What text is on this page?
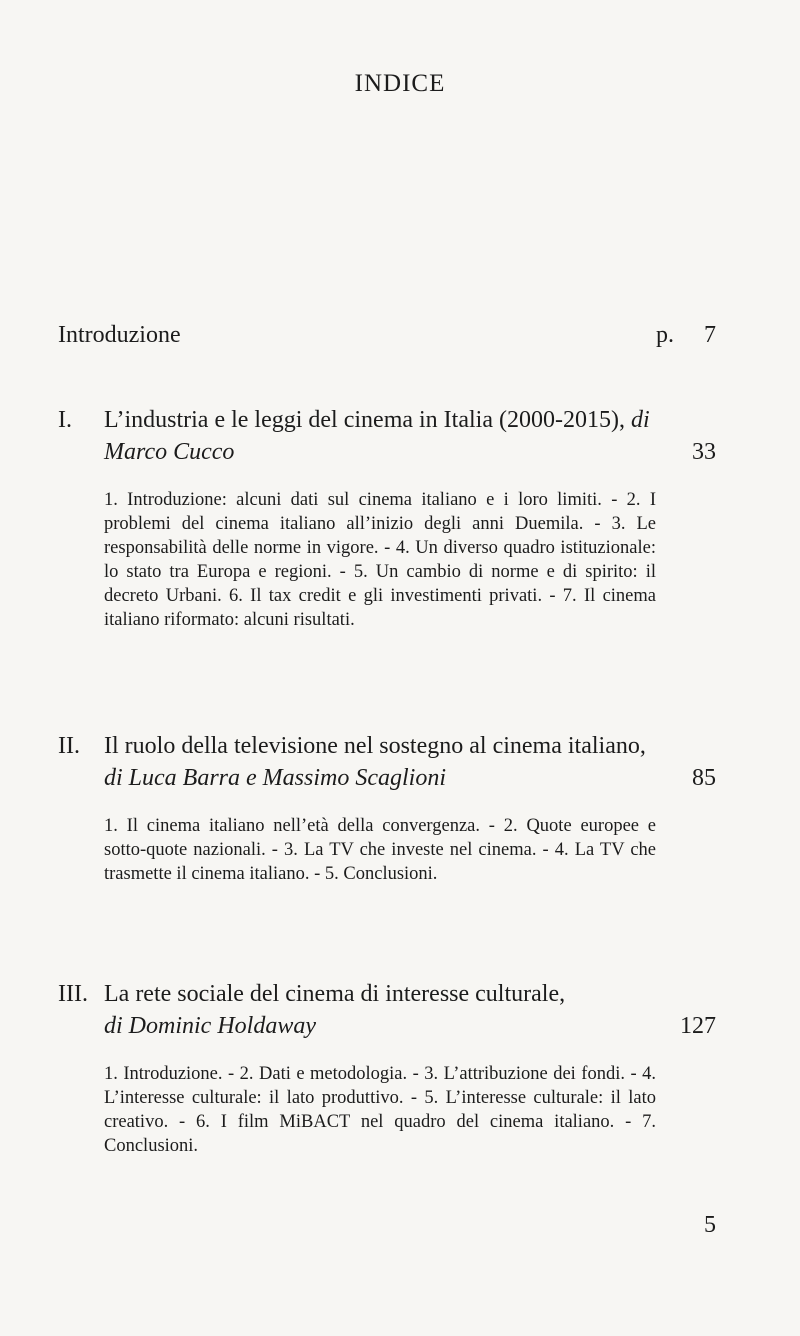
INDICE
Introduzione	p. 7
I.	L’industria e le leggi del cinema in Italia (2000-2015), di Marco Cucco	33
1. Introduzione: alcuni dati sul cinema italiano e i loro limiti. - 2. I problemi del cinema italiano all’inizio degli anni Duemila. - 3. Le responsabilità delle norme in vigore. - 4. Un diverso quadro istituzionale: lo stato tra Europa e regioni. - 5. Un cambio di norme e di spirito: il decreto Urbani. 6. Il tax credit e gli investimenti privati. - 7. Il cinema italiano riformato: alcuni risultati.
II.	Il ruolo della televisione nel sostegno al cinema italiano, di Luca Barra e Massimo Scaglioni	85
1. Il cinema italiano nell’età della convergenza. - 2. Quote europee e sotto-quote nazionali. - 3. La TV che investe nel cinema. - 4. La TV che trasmette il cinema italiano. - 5. Conclusioni.
III. La rete sociale del cinema di interesse culturale,
di Dominic Holdaway	127
1. Introduzione. - 2. Dati e metodologia. - 3. L’attribuzione dei fondi. - 4. L’interesse culturale: il lato produttivo. - 5. L’interesse culturale: il lato creativo. - 6. I film MiBACT nel quadro del cinema italiano. - 7. Conclusioni.
5
